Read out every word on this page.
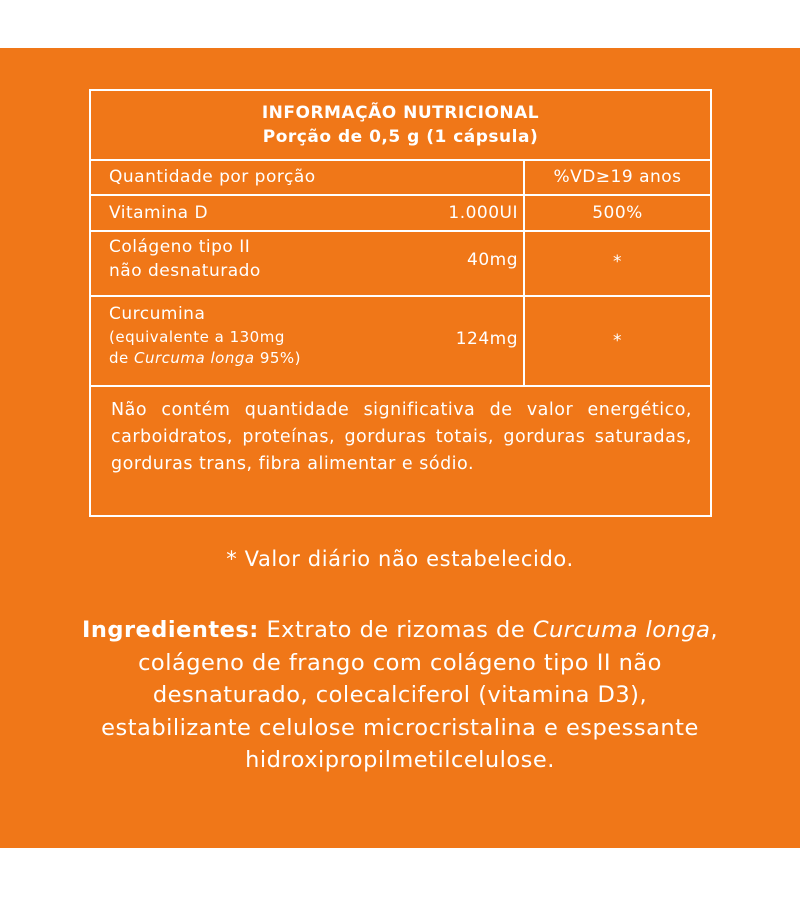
INFORMAÇÃO NUTRICIONAL
Porção de 0,5 g (1 cápsula)
Quantidade por porção	%VD≥19 anos
Vitamina D	1.000UI	500%
Colágeno tipo II
não desnaturado
40mg	*
Curcumina
(equivalente a 130mg
de Curcuma longa 95%)
124mg	*
Não contém quantidade significativa de valor energético, carboidratos, proteínas, gorduras totais, gorduras saturadas, gorduras trans, fibra alimentar e sódio.
* Valor diário não estabelecido.
Ingredientes: Extrato de rizomas de Curcuma longa, colágeno de frango com colágeno tipo II não desnaturado, colecalciferol (vitamina D3), estabilizante celulose microcristalina e espessante hidroxipropilmetilcelulose.
